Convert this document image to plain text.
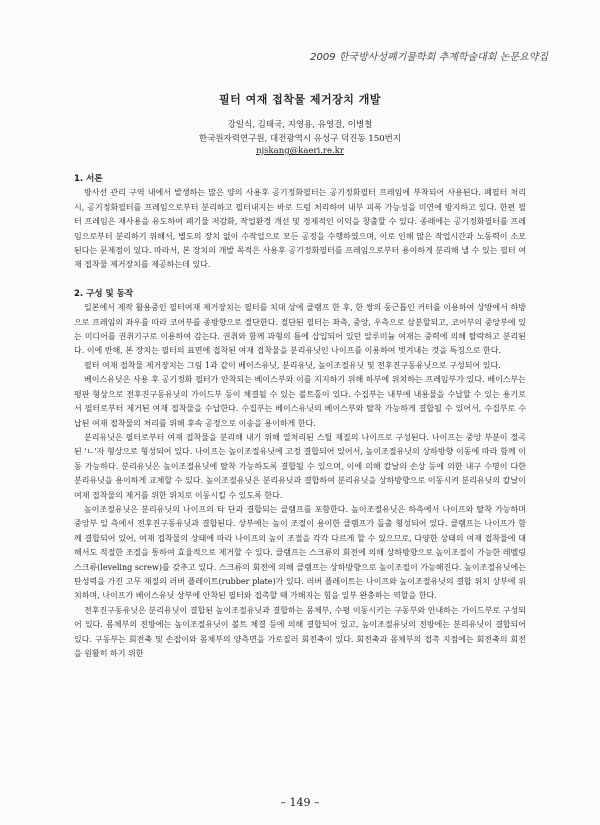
2009 한국방사성폐기물학회 추계학술대회 논문요약집
필터 여재 접착물 제거장치 개발
강일식, 김태국, 지영용, 유영걸, 이병철
한국원자력연구원, 대전광역시 유성구 덕진동 150번지
njskang@kaeri.re.kr
1. 서론

방사선 관리 구역 내에서 발생하는 많은 양의 사용후 공기정화필터는 공기정화필터 프레임에 부착되어 사용된다. 폐필터 처리시, 공기정화필터를 프레임으로부터 분리하고 필터내지는 바로 드럼 처리하여 내부 피폭 가능성을 미연에 방지하고 있다. 한편 필터 프레임은 재사용을 유도하여 폐기물 저감화, 작업환경 개선 및 경제적인 이익을 창출할 수 있다. 종래에는 공기정화필터를 프레임으로부터 분리하기 위해서, 별도의 장치 없이 수작업으로 모든 공정을 수행하였으며, 이로 인해 많은 작업시간과 노동력이 소모된다는 문제점이 있다. 따라서, 본 장치의 개발 목적은 사용후 공기정화필터를 프레임으로부터 용이하게 분리해 낼 수 있는 필터 여재 접착물 제거장치를 제공하는데 있다.

2. 구성 및 동작

일본에서 제작 활용중인 필터여재 제거장치는 필터를 치대 상에 클램프 한 후, 한 쌍의 둥근톱인 커터를 이용하여 상방에서 하방으로 프레임의 좌우를 따라 코어부를 종방향으로 절단한다. 절단된 필터는 좌측, 중앙, 우측으로 삼분할되고, 코어부의 중앙부에 있는 미디어를 권취기구로 이용하여 감는다. 권취와 함께 과형의 틈에 삽입되어 있던 알루미늄 여재는 중력에 의해 탈락하고 분리된다. 이에 반해, 본 장치는 필터의 표면에 접착된 여재 접착물을 분리유닛인 나이프를 이용하여 벗겨내는 것을 특징으로 한다.

필터 여재 접착물 제거장치는 그림 1과 같이 베이스유닛, 분리유닛, 높이조절유닛 및 전후진구동유닛으로 구성되어 있다.

베이스유닛은 사용 후 공기정화 필터가 안착되는 베이스부와 이를 지지하기 위해 하부에 위치하는 프레임부가 있다. 베이스부는 평판 형상으로 전후진구동유닛의 가이드부 등이 체결될 수 있는 볼트홀이 있다. 수집부는 내부에 내용물을 수납할 수 있는 용기로서 필터로부터 제거된 여재 접착물을 수납한다. 수집부는 베이스유닛의 베이스부와 탈착 가능하게 결합될 수 있어서, 수집부로 수납된 여재 접착물의 처리를 위해 후속 공정으로 이송을 용이하게 한다.

분리유닛은 필터로부터 여재 접착물을 분리해 내기 위해 열처리된 스틸 재질의 나이프로 구성된다. 나이프는 중앙 부분이 절곡된 'ㄴ'자 형상으로 형성되어 있다. 나이프는 높이조절유닛에 고정 결합되어 있어서, 높이조절유닛의 상하방향 이동에 따라 함께 이동 가능하다. 분리유닛은 높이조절유닛에 탈착 가능하도록 결합될 수 있으며, 이에 의해 칼날의 손상 등에 의한 내구 수명이 다한 분리유닛을 용이하게 교체할 수 있다. 높이조절유닛은 분리유닛과 결합하여 분리유닛을 상하방향으로 이동시켜 분리유닛의 칼날이 여재 접착물의 제거를 위한 위치로 이동시킬 수 있도록 한다.

높이조절유닛은 분리유닛의 나이프의 타 단과 결합되는 클램프를 포함한다. 높이조절유닛은 하측에서 나이프와 탈착 가능하며 중앙부 일 측에서 전후진구동유닛과 결합된다. 상부에는 높이 조절이 용이한 클램프가 돌출 형성되어 있다. 클램프는 나이프가 함께 결합되어 있어, 여재 접착물의 상태에 따라 나이프의 높이 조절을 각각 다르게 할 수 있으므로, 다양한 상태의 여재 접착물에 대해서도 적절한 조절을 통하여 효율적으로 제거할 수 있다. 클램프는 스크류의 회전에 의해 상하방향으로 높이조절이 가능한 레벨링 스크류(leveling screw)를 갖추고 있다. 스크류의 회전에 의해 클램프는 상하방향으로 높이조절이 가능해진다. 높이조절유닛에는 탄성력을 가진 고무 재질의 러버 플레이트(rubber plate)가 있다. 러버 플레이트는 나이프와 높이조절유닛의 결합 위치 상부에 위치하며, 나이프가 베이스유닛 상부에 안착된 필터와 접촉할 때 가해지는 힘을 일부 완충하는 역할을 한다.

전후진구동유닛은 분리유닛이 결합된 높이조절유닛과 결합하는 몸체부, 수평 이동시키는 구동부와 안내하는 가이드부로 구성되어 있다. 몸체부의 전방에는 높이조절유닛이 볼트 체결 등에 의해 결합되어 있고, 높이조절유닛의 전방에는 분리유닛이 결합되어 있다. 구동부는 회전축 및 손잡이와 몸체부의 양측면을 가로질러 회전축이 있다. 회전축과 몸체부의 접촉 지점에는 회전축의 회전을 원활히 하기 위한

– 149 –
